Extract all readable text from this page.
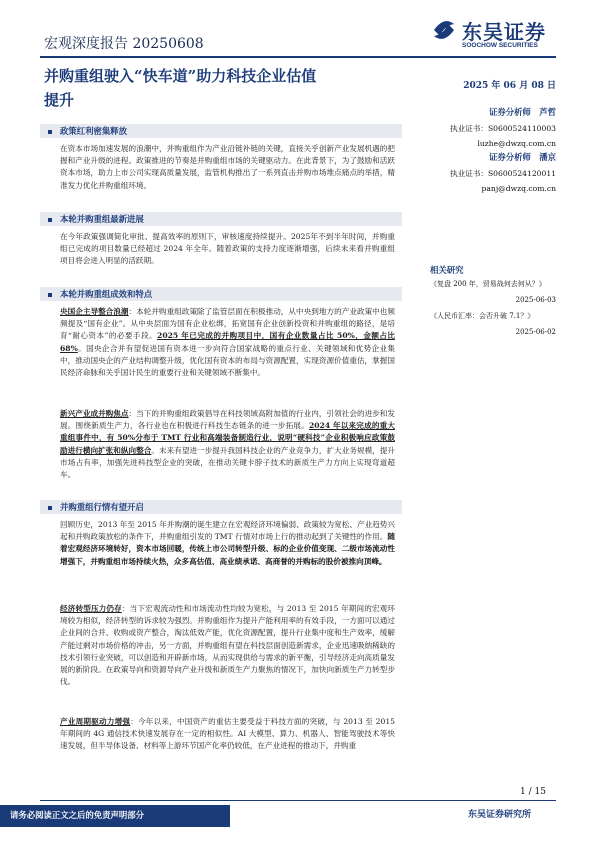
东吴证券
SOOCHOW SECURITIES
宏观深度报告 20250608
并购重组驶入“快车道”助力科技企业估值
提升
2025 年 06 月 08 日
证券分析师　芦哲
执业证书：S0600524110003
luzhe@dwzq.com.cn
证券分析师　潘京
执业证书：S0600524120011
panj@dwzq.com.cn
相关研究
《复盘 200 年，贸易战何去何从？》
2025-06-03
《人民币汇率：会否升破 7.1？》
2025-06-02
政策红利密集释放
在资本市场加速发展的浪潮中，并购重组作为产业沿链补链的关键，直接关乎创新产业发展机遇的把握和产业升级的进程。政策推进的节奏是并购重组市场的关键驱动力。在此背景下，为了鼓励和活跃资本市场，助力上市公司实现高质量发展，监管机构推出了一系列直击并购市场堆点痛点的举措，精准发力优化并购重组环境。
本轮并购重组最新进展
在今年政策强调简化审批、提高效率的原则下，审核速度持续提升。2025年不到半年时间，并购重组已完成的项目数量已经超过 2024 年全年。随着政策的支持力度逐渐增强，后续未来看并购重组项目将会进入明显的活跃期。
本轮并购重组成效和特点
央国企主导整合浪潮：本轮并购重组政策除了监管层面在积极推动，从中央到地方的产业政策中也频频提及“国有企业”。从中央层面为国有企业松绑，拓宽国有企业创新投资和并购重组的路径，是培育“耐心资本”的必要手段。2025 年已完成的并购项目中，国有企业数量占比 50%，金额占比 68%。国央企合并有望促进国有资本进一步向符合国家战略的重点行业、关键领域和优势企业集中，推动国央企的产业结构调整升级，优化国有资本的布局与资源配置，实现资源价值重估，掌握国民经济命脉和关乎国计民生的重要行业和关键领域不断集中。
新兴产业成并购焦点：当下的并购重组政策倡导在科技领域高附加值的行业内，引领社会的进步和发展。围绕新质生产力，各行业也在积极进行科技生态链条的进一步拓展。2024 年以来完成的重大重组事件中，有 50%分布于 TMT 行业和高端装备制造行业，说明“硬科技”企业积极响应政策鼓励进行横向扩张和纵向整合。未来有望进一步提升我国科技企业的产业竞争力，扩大业务规模，提升市场占有率，加强先进科技型企业的突破，在推动关键卡脖子技术的新质生产力方向上实现弯道超车。
并购重组行情有望开启
回顾历史，2013 年至 2015 年并购潮的诞生建立在宏观经济环境偏弱、政策较为宽松、产业趋势兴起和并购政策放松的条件下，并购重组引发的 TMT 行情对市场上行的推动起到了关键性的作用。随着宏观经济环境转好，资本市场回暖，传统上市公司转型升级、标的企业价值变现、二级市场流动性增强下，并购重组市场持续火热，众多高估值、高业绩承诺、高商誉的并购标的股价被推向顶峰。
经济转型压力仍存：当下宏观流动性和市场流动性均较为宽松，与 2013 至 2015 年期间的宏观环境较为相似，经济转型的诉求较为强烈。并购重组作为提升产能利用率的有效手段，一方面可以通过企业间的合并、收购或资产整合，淘汰低效产能，优化资源配置，提升行业集中度和生产效率，缓解产能过剩对市场价格的冲击，另一方面，并购重组有望在科技层面创造新需求，企业迅速吸纳稀缺的技术引领行业突破，可以创造和开辟新市场，从而实现供给与需求的新平衡，引导经济走向高质量发展的新阶段。在政策导向和资源导向产业升级和新质生产力聚焦的情况下，加快向新质生产力转型步伐。
产业周期驱动力增强：今年以来，中国资产的重估主要受益于科技方面的突破，与 2013 至 2015 年期间的 4G 通信技术快速发展存在一定的相似性。AI 大模型、算力、机器人、智能驾驶技术等快速发展，但半导体设备、材料等上游环节国产化率仍较低，在产业进程的推动下，并购重
1 / 15
请务必阅读正文之后的免责声明部分	东吴证券研究所
